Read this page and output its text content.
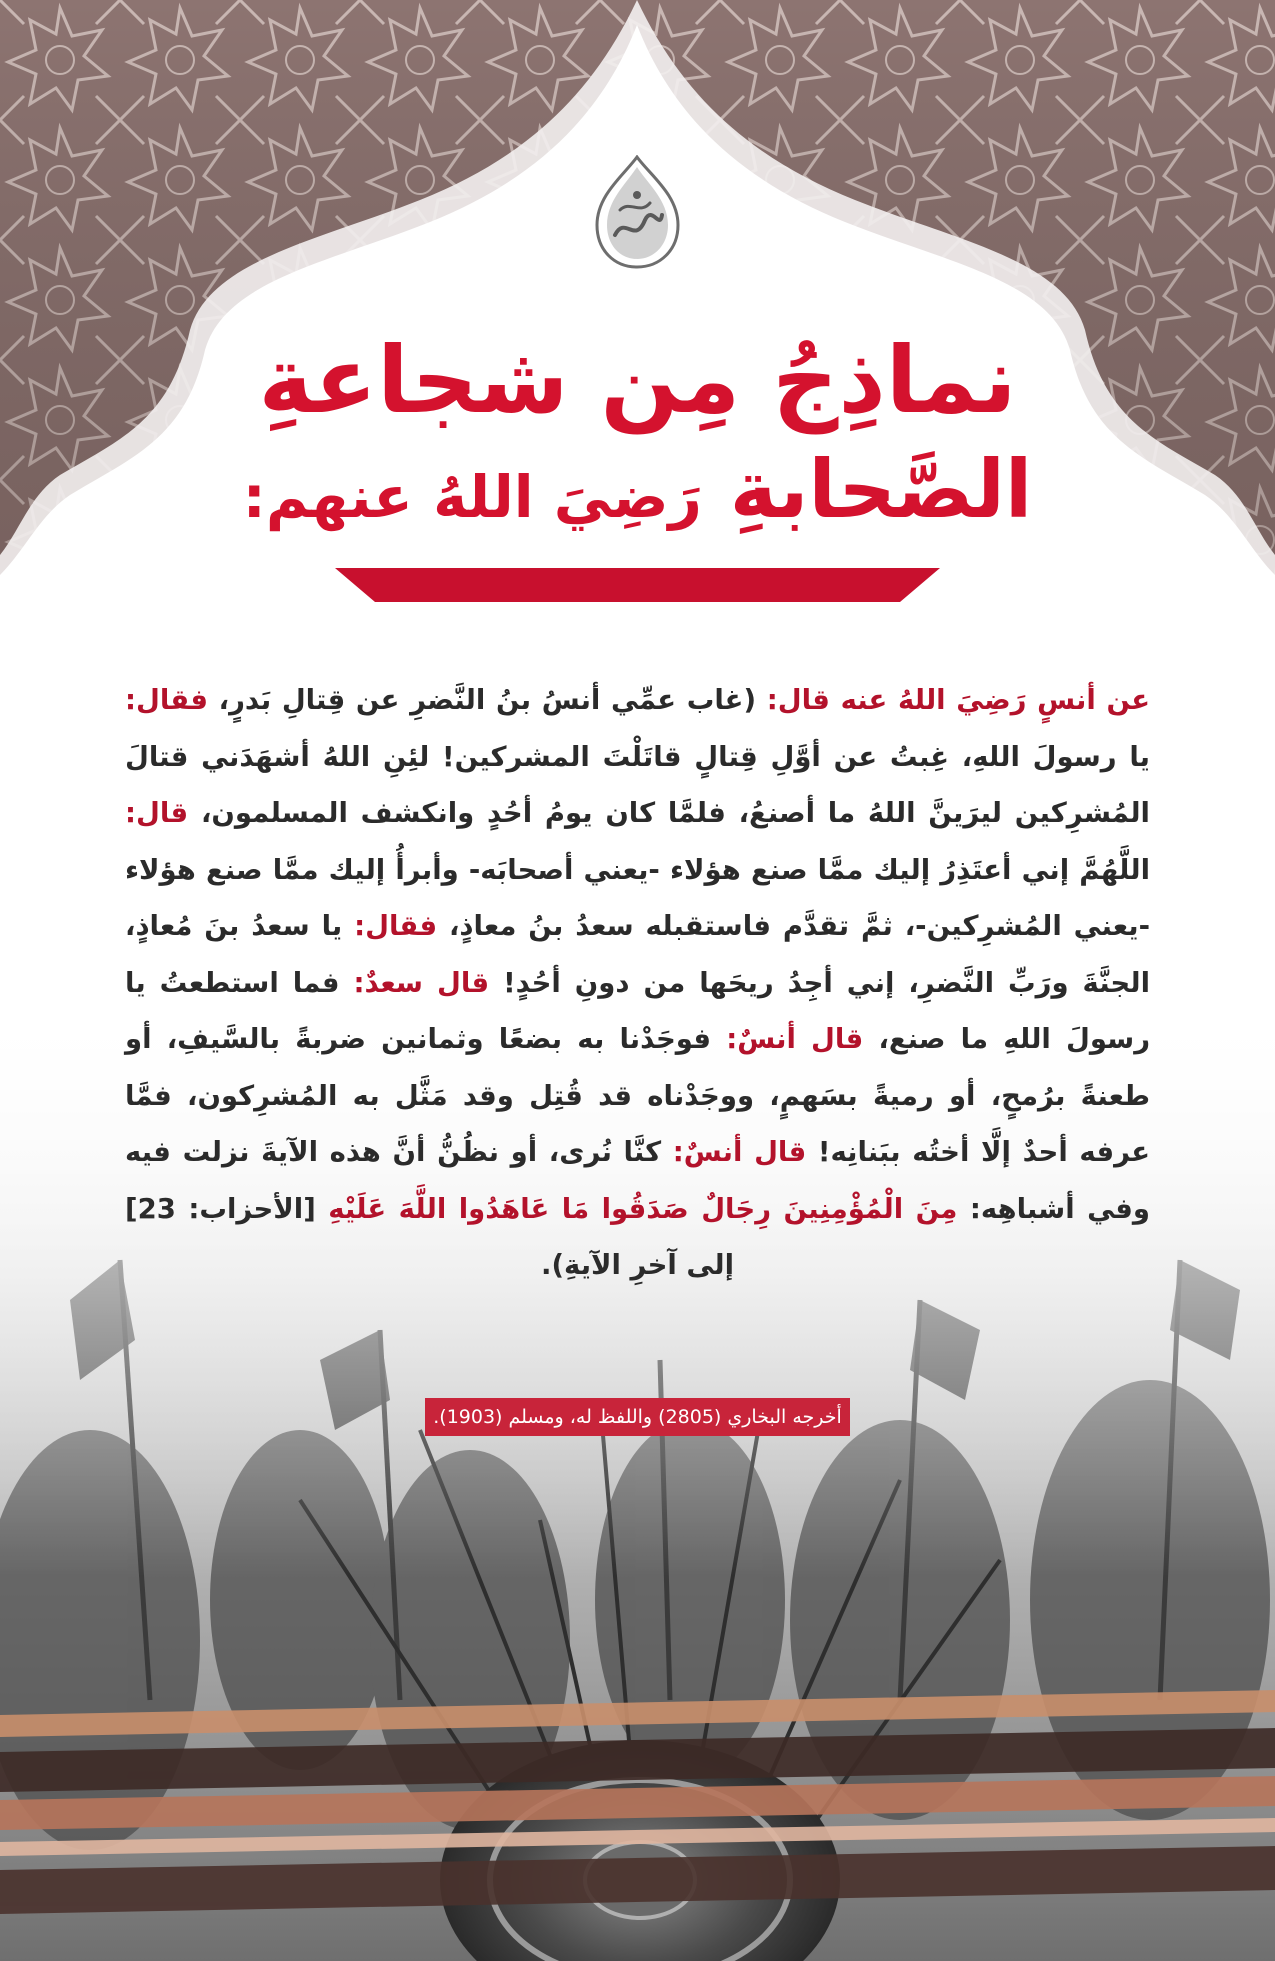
نماذِجُ مِن شجاعةِ
الصَّحابةِ رَضِيَ اللهُ عنهم:

عن أنسٍ رَضِيَ اللهُ عنه قال: (غاب عمِّي أنسُ بنُ النَّضرِ عن قِتالِ بَدرٍ، فقال: يا رسولَ اللهِ، غِبتُ عن أوَّلِ قِتالٍ قاتَلْتَ المشركين! لئِنِ اللهُ أشهَدَني قتالَ المُشرِكين ليرَينَّ اللهُ ما أصنعُ، فلمَّا كان يومُ أحُدٍ وانكشف المسلمون، قال: اللَّهُمَّ إني أعتَذِرُ إليك ممَّا صنع هؤلاء -يعني أصحابَه- وأبرأُ إليك ممَّا صنع هؤلاء -يعني المُشرِكين-، ثمَّ تقدَّم فاستقبله سعدُ بنُ معاذٍ، فقال: يا سعدُ بنَ مُعاذٍ، الجنَّةَ ورَبِّ النَّضرِ، إني أجِدُ ريحَها من دونِ أحُدٍ! قال سعدٌ: فما استطعتُ يا رسولَ اللهِ ما صنع، قال أنسٌ: فوجَدْنا به بضعًا وثمانين ضربةً بالسَّيفِ، أو طعنةً برُمحٍ، أو رميةً بسَهمٍ، ووجَدْناه قد قُتِل وقد مَثَّل به المُشرِكون، فمَّا عرفه أحدٌ إلَّا أختُه ببَنانِه! قال أنسٌ: كنَّا نُرى، أو نظُنُّ أنَّ هذه الآيةَ نزلت فيه وفي أشباهِه: مِنَ الْمُؤْمِنِينَ رِجَالٌ صَدَقُوا مَا عَاهَدُوا اللَّهَ عَلَيْهِ [الأحزاب: 23] إلى آخرِ الآيةِ).

أخرجه البخاري (2805) واللفظ له، ومسلم (1903).
